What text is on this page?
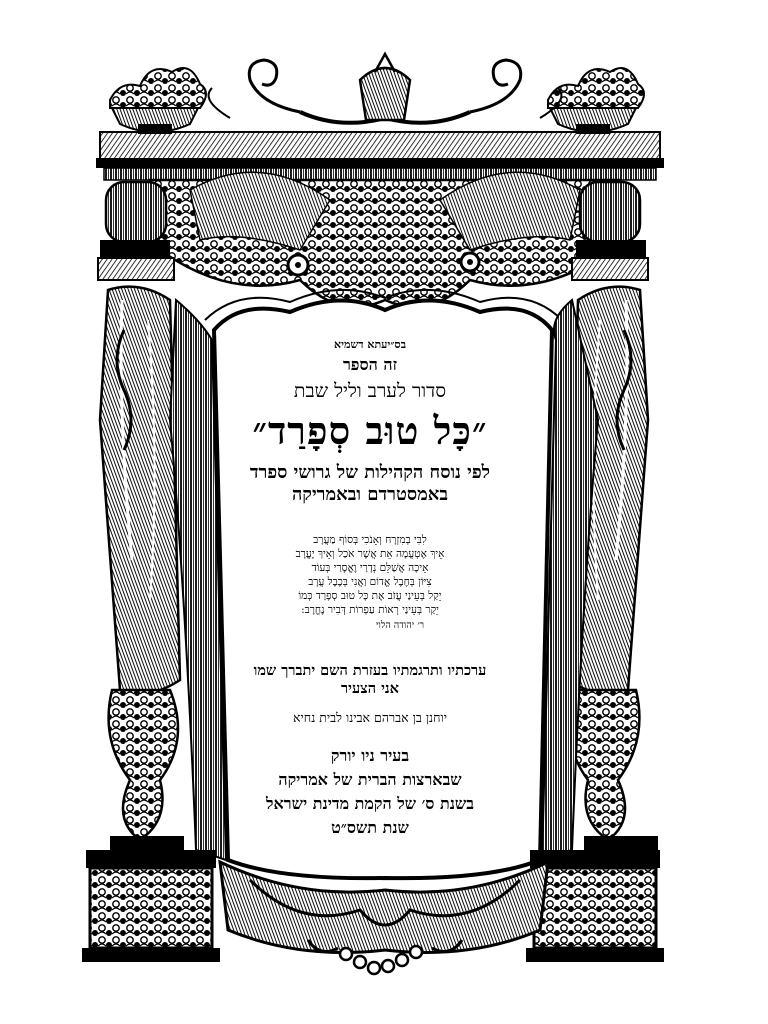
בס״יעתא דשמיא
זה הספר
סדור לערב וליל שבת
״כָּל טוּב סְפָרַד״
לפי נוסח הקהילות של גרושי ספרד
באמסטרדם ובאמריקה
לִבִּי בְמִזְרָח וְאָנֹכִי בְּסוֹף מַעֲרָב
אֵיךְ אֶטְעֲמָה אֵת אֲשֶׁר אֹכַל וְאֵיךְ יֶעֱרָב
אֵיכָה אֲשַׁלֵּם נְדָרַי וֶאֱסָרַי בְּעוֹד
צִיּוֹן בְּחֶבֶל אֱדוֹם וַאֲנִי בְּכֶבֶל עֲרָב
יֵקַל בְּעֵינַי עֲזֹב אֶת כָּל טוּב סְפָרַד כְּמוֹ
יֵקַר בְּעֵינַי רְאוֹת עַפְרוֹת דְּבִיר נֶחֱרָב:
ר׳ יהודה הלוי
ערכתיו ותרגמתיו בעזרת השם יתברך שמו
אני הצעיר
יוחנן בן אברהם אבינו לבית נחיא
בעיר ניו יורק
שבארצות הברית של אמריקה
בשנת ס׳ של הקמת מדינת ישראל
שנת תשס״ט
